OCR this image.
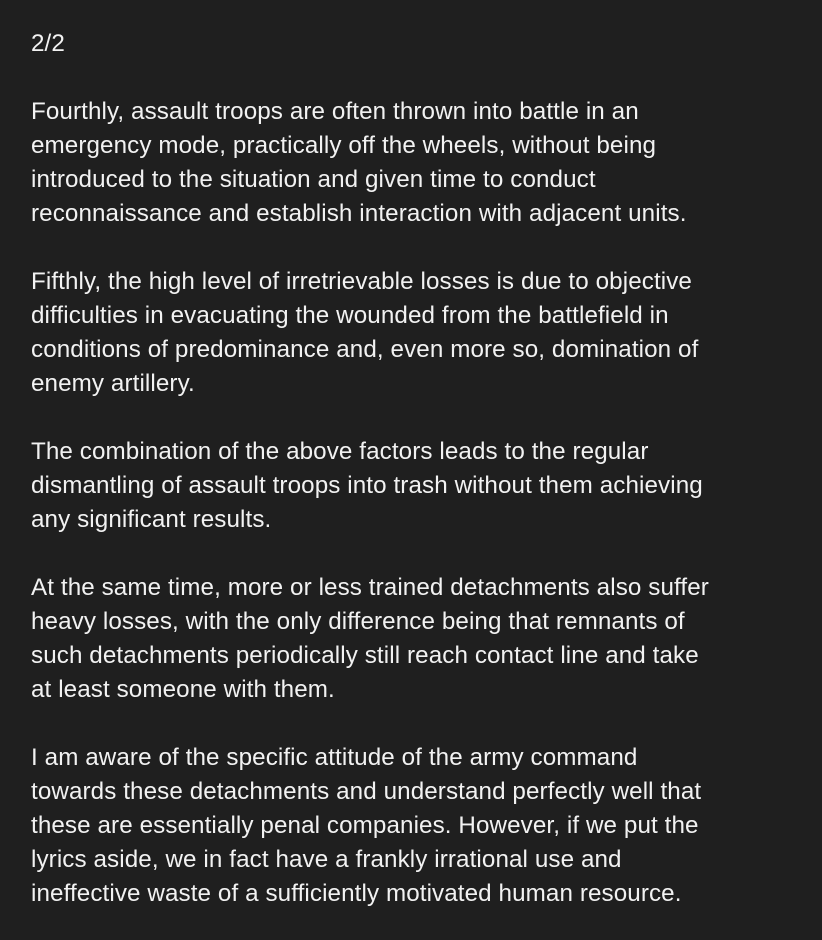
2/2

Fourthly, assault troops are often thrown into battle in an
emergency mode, practically off the wheels, without being
introduced to the situation and given time to conduct
reconnaissance and establish interaction with adjacent units.

Fifthly, the high level of irretrievable losses is due to objective
difficulties in evacuating the wounded from the battlefield in
conditions of predominance and, even more so, domination of
enemy artillery.

The combination of the above factors leads to the regular
dismantling of assault troops into trash without them achieving
any significant results.

At the same time, more or less trained detachments also suffer
heavy losses, with the only difference being that remnants of
such detachments periodically still reach contact line and take
at least someone with them.

I am aware of the specific attitude of the army command
towards these detachments and understand perfectly well that
these are essentially penal companies. However, if we put the
lyrics aside, we in fact have a frankly irrational use and
ineffective waste of a sufficiently motivated human resource.
